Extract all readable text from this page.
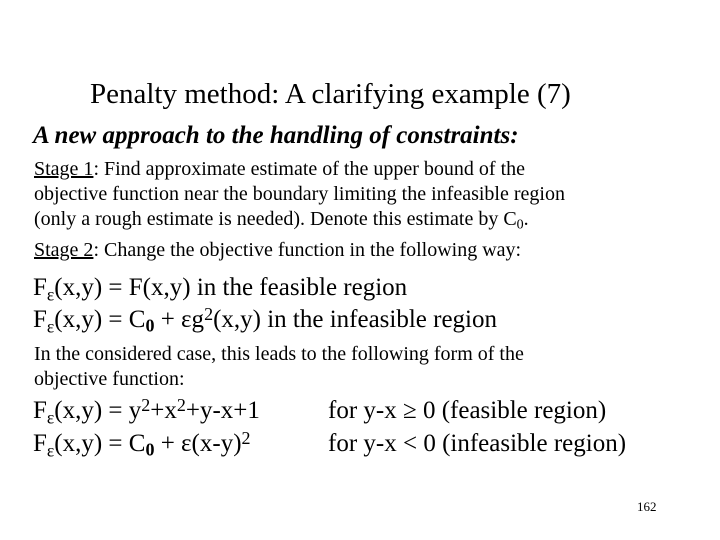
Penalty method: A clarifying example (7)
A new approach to the handling of constraints:
Stage 1: Find approximate estimate of the upper bound of the
objective function near the boundary limiting the infeasible region
(only a rough estimate is needed). Denote this estimate by $C_0$.
Stage 2: Change the objective function in the following way:
$F_\varepsilon(x,y) = F(x,y)$ in the feasible region
$F_\varepsilon(x,y) = C_0 + \varepsilon g^2(x,y)$ in the infeasible region
In the considered case, this leads to the following form of the
objective function:
$F_\varepsilon(x,y) = y^2+x^2+y-x+1$	for y-x ≥ 0 (feasible region)
$F_\varepsilon(x,y) = C_0 + \varepsilon(x-y)^2$	for y-x < 0 (infeasible region)
162
